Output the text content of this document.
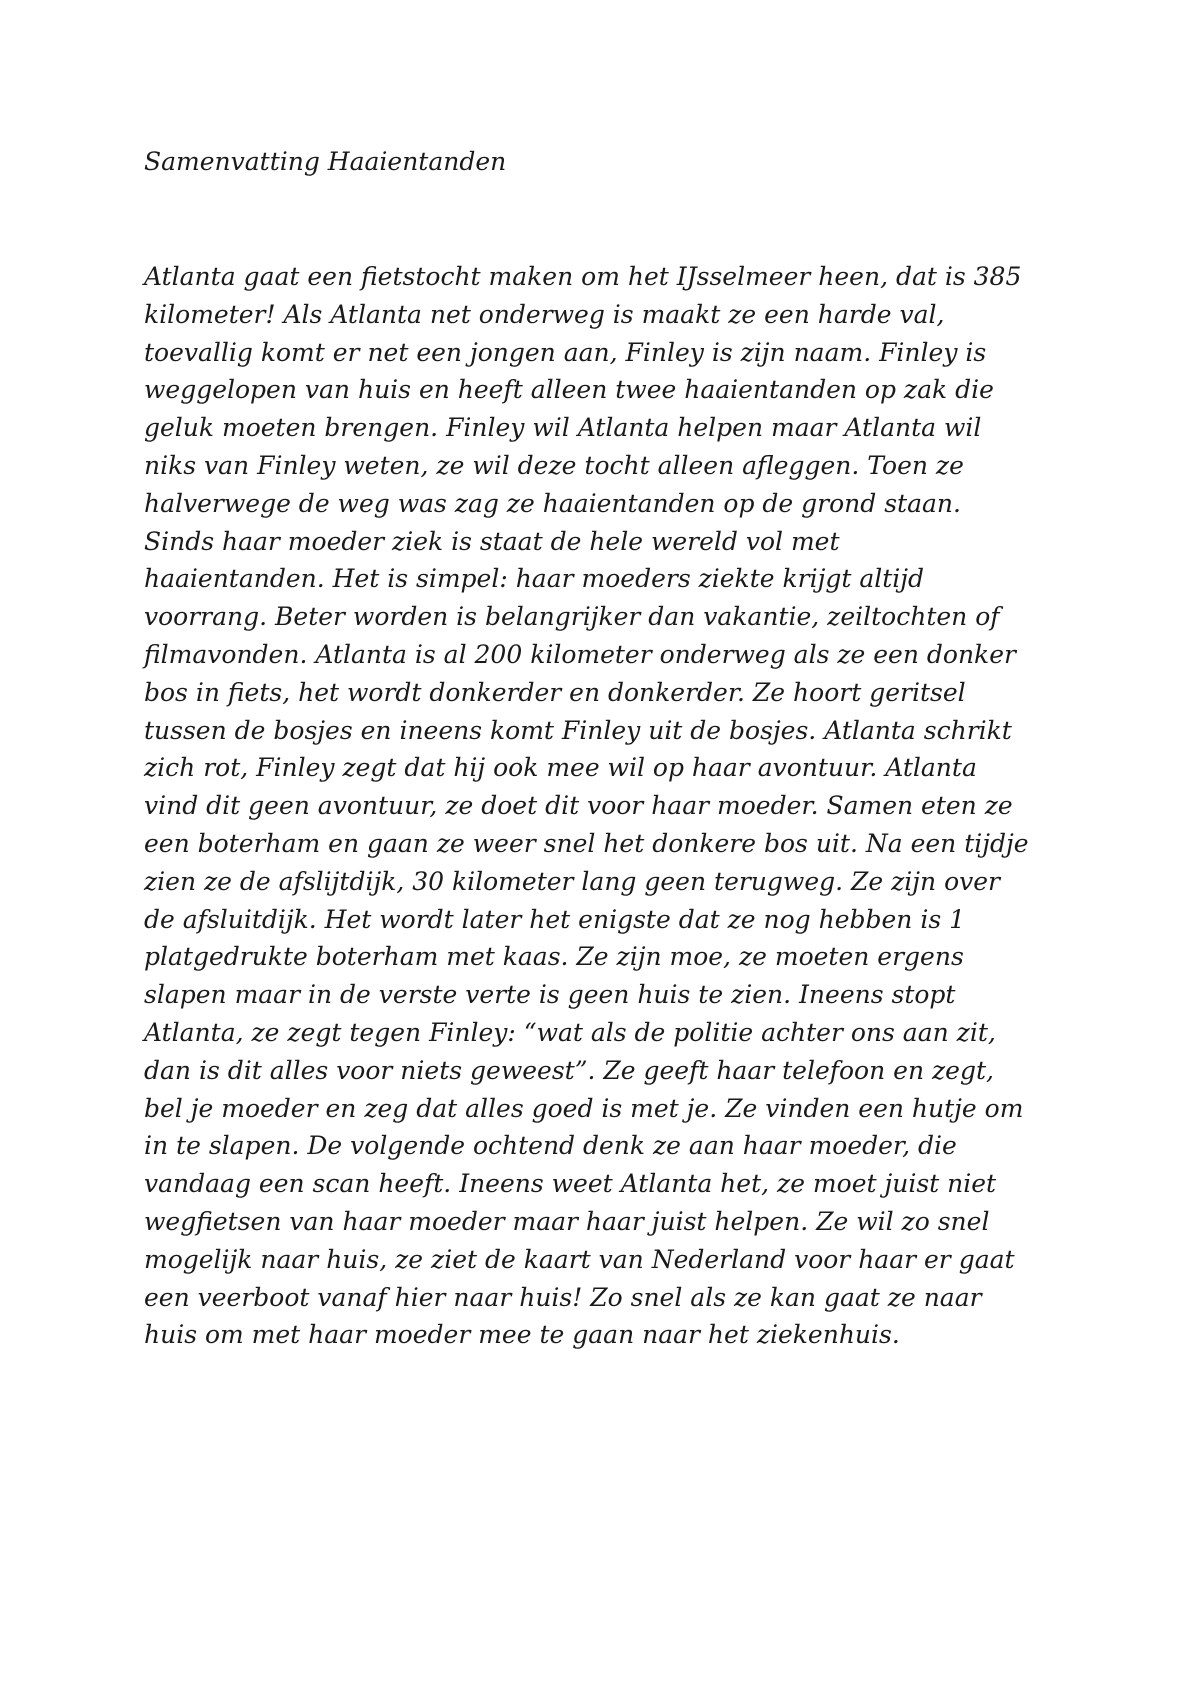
Samenvatting Haaientanden
Atlanta gaat een fietstocht maken om het IJsselmeer heen, dat is 385
kilometer! Als Atlanta net onderweg is maakt ze een harde val,
toevallig komt er net een jongen aan, Finley is zijn naam. Finley is
weggelopen van huis en heeft alleen twee haaientanden op zak die
geluk moeten brengen. Finley wil Atlanta helpen maar Atlanta wil
niks van Finley weten, ze wil deze tocht alleen afleggen. Toen ze
halverwege de weg was zag ze haaientanden op de grond staan.
Sinds haar moeder ziek is staat de hele wereld vol met
haaientanden. Het is simpel: haar moeders ziekte krijgt altijd
voorrang. Beter worden is belangrijker dan vakantie, zeiltochten of
filmavonden. Atlanta is al 200 kilometer onderweg als ze een donker
bos in fiets, het wordt donkerder en donkerder. Ze hoort geritsel
tussen de bosjes en ineens komt Finley uit de bosjes. Atlanta schrikt
zich rot, Finley zegt dat hij ook mee wil op haar avontuur. Atlanta
vind dit geen avontuur, ze doet dit voor haar moeder. Samen eten ze
een boterham en gaan ze weer snel het donkere bos uit. Na een tijdje
zien ze de afslijtdijk, 30 kilometer lang geen terugweg. Ze zijn over
de afsluitdijk. Het wordt later het enigste dat ze nog hebben is 1
platgedrukte boterham met kaas. Ze zijn moe, ze moeten ergens
slapen maar in de verste verte is geen huis te zien. Ineens stopt
Atlanta, ze zegt tegen Finley: “wat als de politie achter ons aan zit,
dan is dit alles voor niets geweest”. Ze geeft haar telefoon en zegt,
bel je moeder en zeg dat alles goed is met je. Ze vinden een hutje om
in te slapen. De volgende ochtend denk ze aan haar moeder, die
vandaag een scan heeft. Ineens weet Atlanta het, ze moet juist niet
wegfietsen van haar moeder maar haar juist helpen. Ze wil zo snel
mogelijk naar huis, ze ziet de kaart van Nederland voor haar er gaat
een veerboot vanaf hier naar huis! Zo snel als ze kan gaat ze naar
huis om met haar moeder mee te gaan naar het ziekenhuis.
